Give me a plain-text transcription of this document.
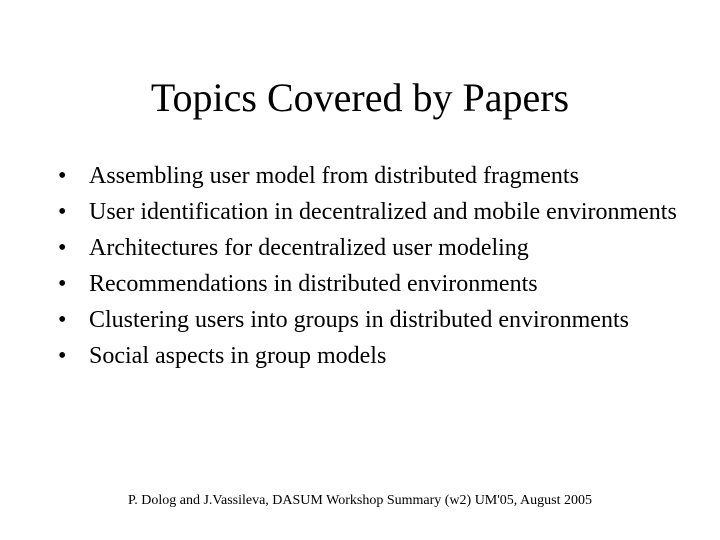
Topics Covered by Papers
• Assembling user model from distributed fragments
• User identification in decentralized and mobile environments
• Architectures for decentralized user modeling
• Recommendations in distributed environments
• Clustering users into groups in distributed environments
• Social aspects in group models
P. Dolog and J.Vassileva, DASUM Workshop Summary (w2) UM'05, August 2005
